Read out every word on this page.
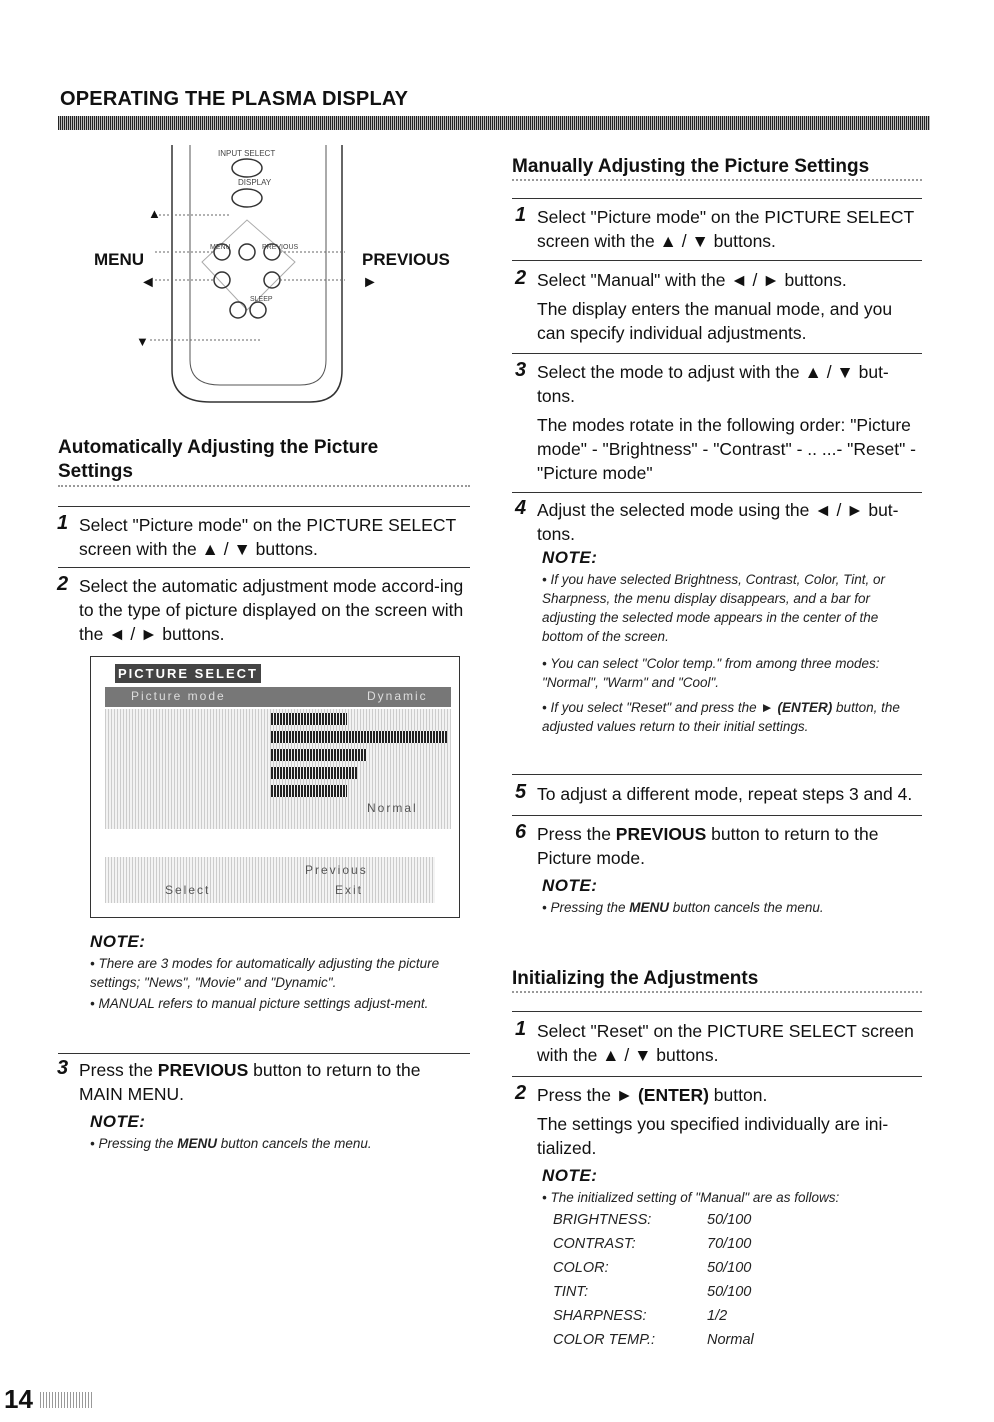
OPERATING THE PLASMA DISPLAY
INPUT SELECT
DISPLAY
MENU	PREVIOUS
SLEEP
▲
MENU	PREVIOUS
◄	►
▼
Automatically Adjusting the Picture
Settings
1 Select "Picture mode" on the PICTURE SELECT screen with the ▲ / ▼ buttons.
2 Select the automatic adjustment mode accord-ing to the type of picture displayed on the screen with the ◄ / ► buttons.
PICTURE SELECT
Picture mode	Dynamic
Normal
Previous
Select	Exit
NOTE:
• There are 3 modes for automatically adjusting the picture settings; "News", "Movie" and "Dynamic".
• MANUAL refers to manual picture settings adjust-ment.
3 Press the PREVIOUS button to return to the MAIN MENU.
NOTE:
• Pressing the MENU button cancels the menu.
Manually Adjusting the Picture Settings
1 Select "Picture mode" on the PICTURE SELECT screen with the ▲ / ▼ buttons.
2 Select "Manual" with the ◄ / ► buttons.
The display enters the manual mode, and you can specify individual adjustments.
3 Select the mode to adjust with the ▲ / ▼ but-tons.
The modes rotate in the following order: "Picture mode" - "Brightness" - "Contrast" - .. ...- "Reset" - "Picture mode"
4 Adjust the selected mode using the ◄ / ► but-tons.
NOTE:
• If you have selected Brightness, Contrast, Color, Tint, or Sharpness, the menu display disappears, and a bar for adjusting the selected mode appears in the center of the bottom of the screen.
• You can select "Color temp." from among three modes: "Normal", "Warm" and "Cool".
• If you select "Reset" and press the ► (ENTER) button, the adjusted values return to their initial settings.
5 To adjust a different mode, repeat steps 3 and 4.
6 Press the PREVIOUS button to return to the Picture mode.
NOTE:
• Pressing the MENU button cancels the menu.
Initializing the Adjustments
1 Select "Reset" on the PICTURE SELECT screen with the ▲ / ▼ buttons.
2 Press the ► (ENTER) button.
The settings you specified individually are ini-tialized.
NOTE:
• The initialized setting of "Manual" are as follows:
BRIGHTNESS:	50/100
CONTRAST:	70/100
COLOR:	50/100
TINT:	50/100
SHARPNESS:	1/2
COLOR TEMP.:	Normal
14
